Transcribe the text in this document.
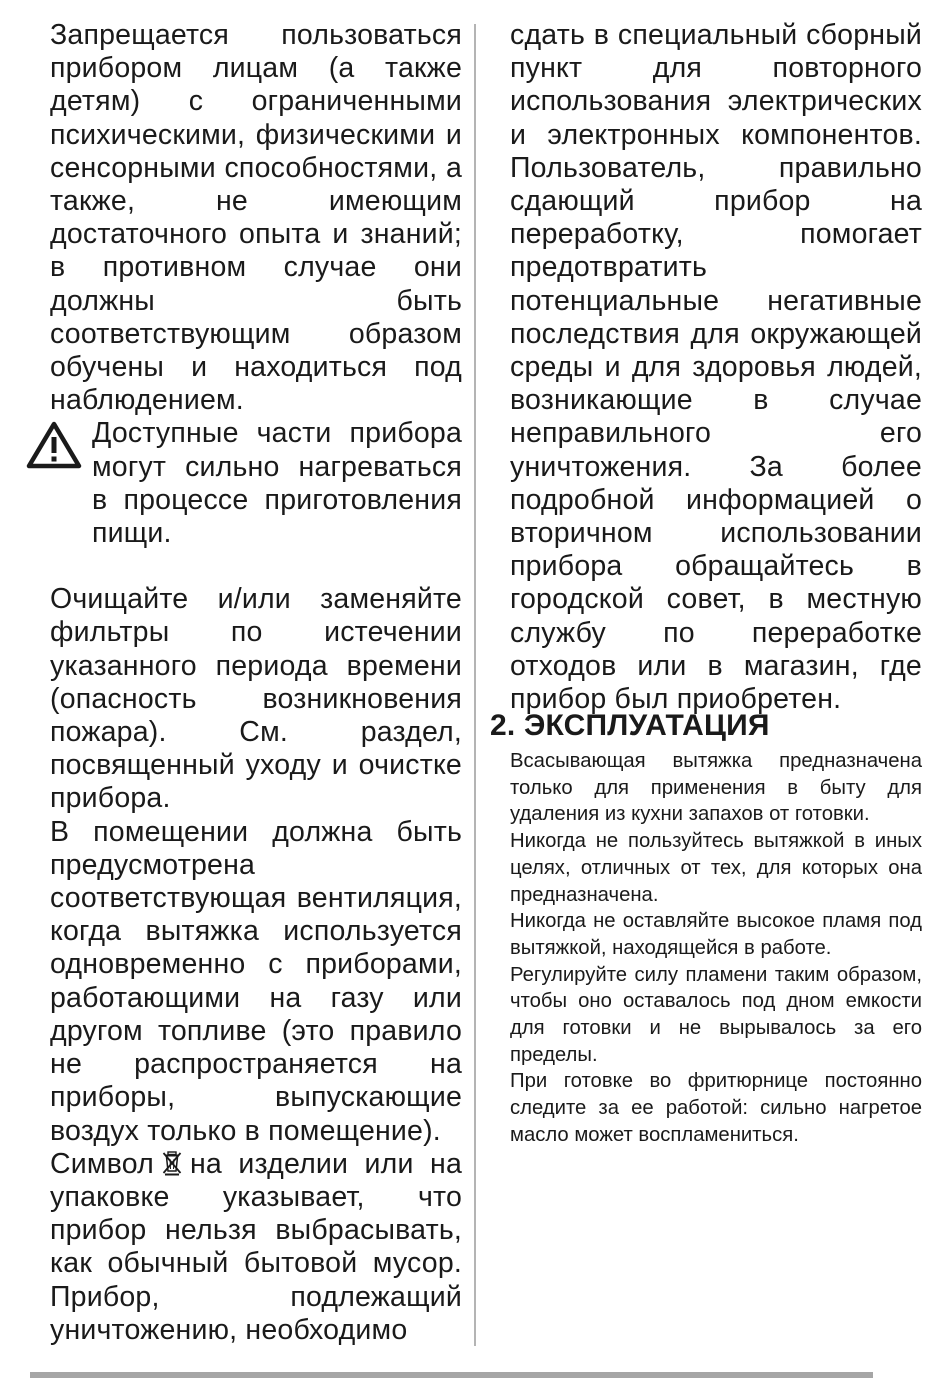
Запрещается пользоваться прибором лицам (а также детям) с ограниченными психическими, физическими и сенсорными способностями, а также, не имеющим достаточного опыта и знаний; в противном случае они должны быть соответствующим образом обучены и находиться под наблюдением.

Доступные части прибора могут сильно нагреваться в процессе приготовления пищи.

Очищайте и/или заменяйте фильтры по истечении указанного периода времени (опасность возникновения пожара). См. раздел, посвященный уходу и очистке прибора.

В помещении должна быть предусмотрена соответствующая вентиляция, когда вытяжка используется одновременно с приборами, работающими на газу или другом топливе (это правило не распространяется на приборы, выпускающие воздух только в помещение).

Символ на изделии или на упаковке указывает, что прибор нельзя выбрасывать, как обычный бытовой мусор. Прибор, подлежащий уничтожению, необходимо

сдать в специальный сборный пункт для повторного использования электрических и электронных компонентов. Пользователь, правильно сдающий прибор на переработку, помогает предотвратить потенциальные негативные последствия для окружающей среды и для здоровья людей, возникающие в случае неправильного его уничтожения. За более подробной информацией о вторичном использовании прибора обращайтесь в городской совет, в местную службу по переработке отходов или в магазин, где прибор был приобретен.

2. ЭКСПЛУАТАЦИЯ

Всасывающая вытяжка предназначена только для применения в быту для удаления из кухни запахов от готовки.

Никогда не пользуйтесь вытяжкой в иных целях, отличных от тех, для которых она предназначена.

Никогда не оставляйте высокое пламя под вытяжкой, находящейся в работе.

Регулируйте силу пламени таким образом, чтобы оно оставалось под дном емкости для готовки и не вырывалось за его пределы.

При готовке во фритюрнице постоянно следите за ее работой: сильно нагретое масло может воспламениться.
